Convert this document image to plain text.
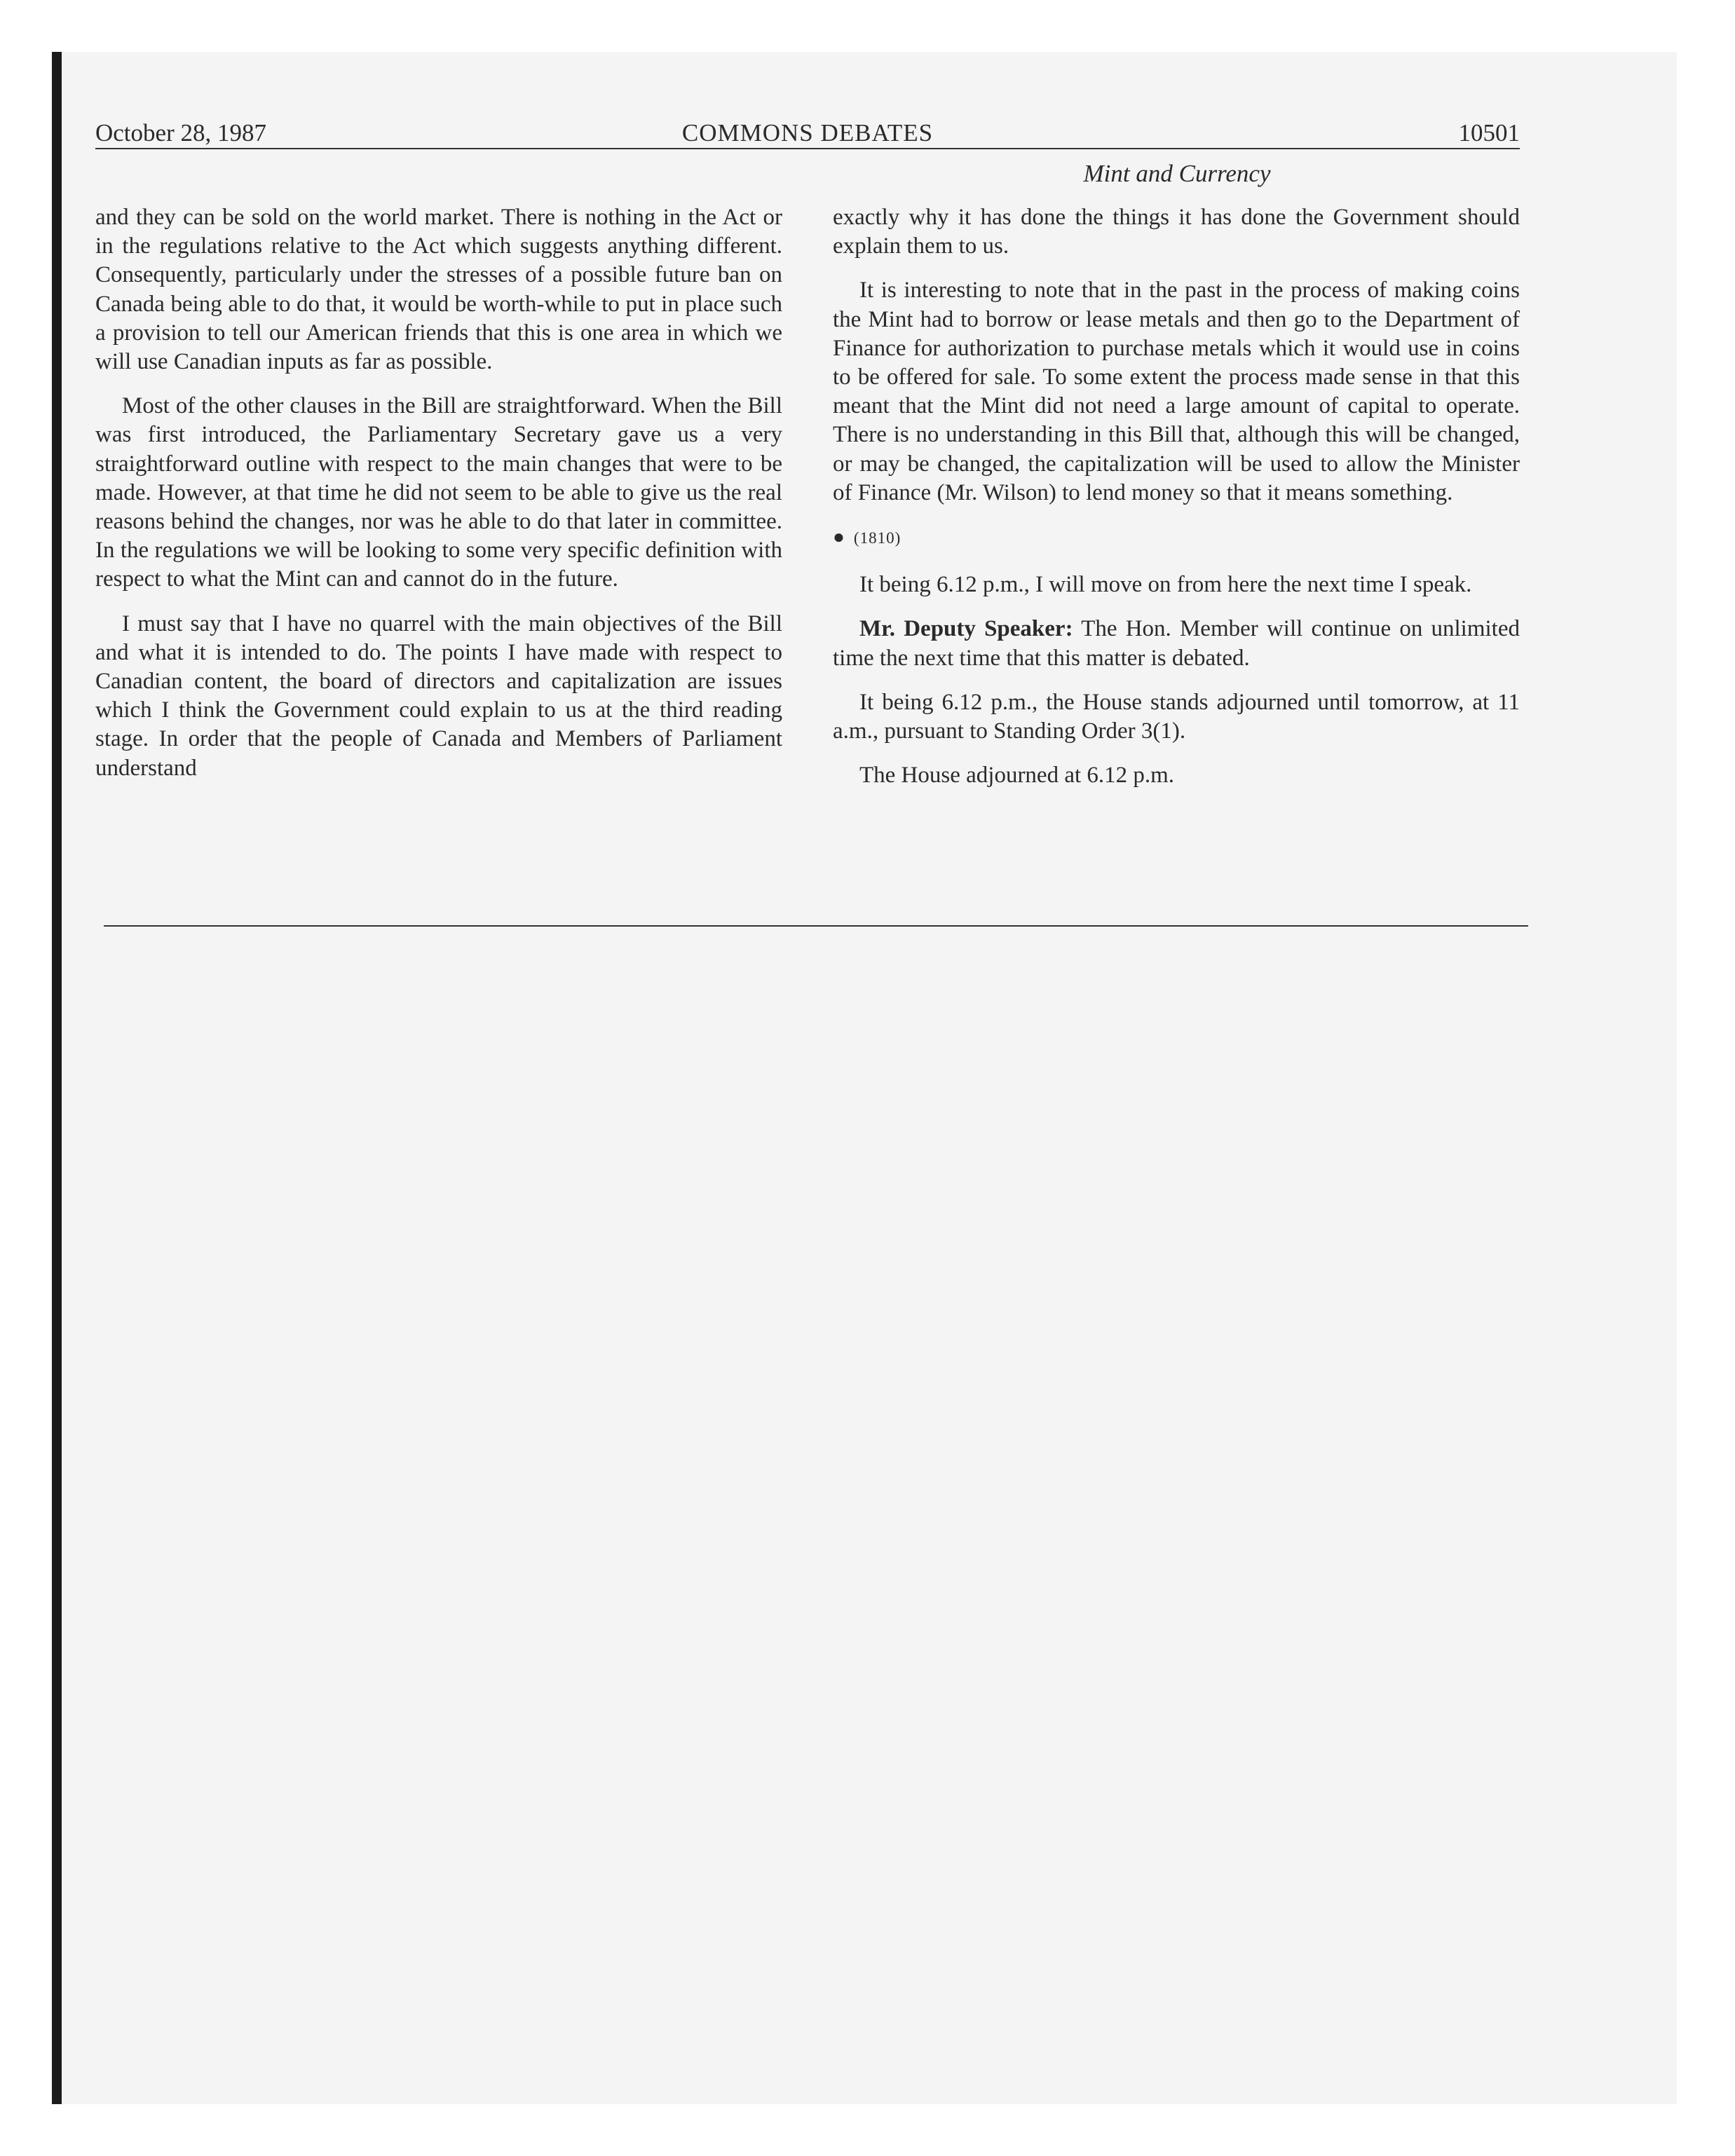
October 28, 1987	COMMONS DEBATES	10501
Mint and Currency

and they can be sold on the world market. There is nothing in the Act or in the regulations relative to the Act which suggests anything different. Consequently, particularly under the stresses of a possible future ban on Canada being able to do that, it would be worth-while to put in place such a provision to tell our American friends that this is one area in which we will use Canadian inputs as far as possible.

Most of the other clauses in the Bill are straightforward. When the Bill was first introduced, the Parliamentary Secretary gave us a very straightforward outline with respect to the main changes that were to be made. However, at that time he did not seem to be able to give us the real reasons behind the changes, nor was he able to do that later in committee. In the regulations we will be looking to some very specific definition with respect to what the Mint can and cannot do in the future.

I must say that I have no quarrel with the main objectives of the Bill and what it is intended to do. The points I have made with respect to Canadian content, the board of directors and capitalization are issues which I think the Government could explain to us at the third reading stage. In order that the people of Canada and Members of Parliament understand

exactly why it has done the things it has done the Government should explain them to us.

It is interesting to note that in the past in the process of making coins the Mint had to borrow or lease metals and then go to the Department of Finance for authorization to purchase metals which it would use in coins to be offered for sale. To some extent the process made sense in that this meant that the Mint did not need a large amount of capital to operate. There is no understanding in this Bill that, although this will be changed, or may be changed, the capitalization will be used to allow the Minister of Finance (Mr. Wilson) to lend money so that it means something.

● (1810)

It being 6.12 p.m., I will move on from here the next time I speak.

Mr. Deputy Speaker: The Hon. Member will continue on unlimited time the next time that this matter is debated.

It being 6.12 p.m., the House stands adjourned until tomorrow, at 11 a.m., pursuant to Standing Order 3(1).

The House adjourned at 6.12 p.m.
